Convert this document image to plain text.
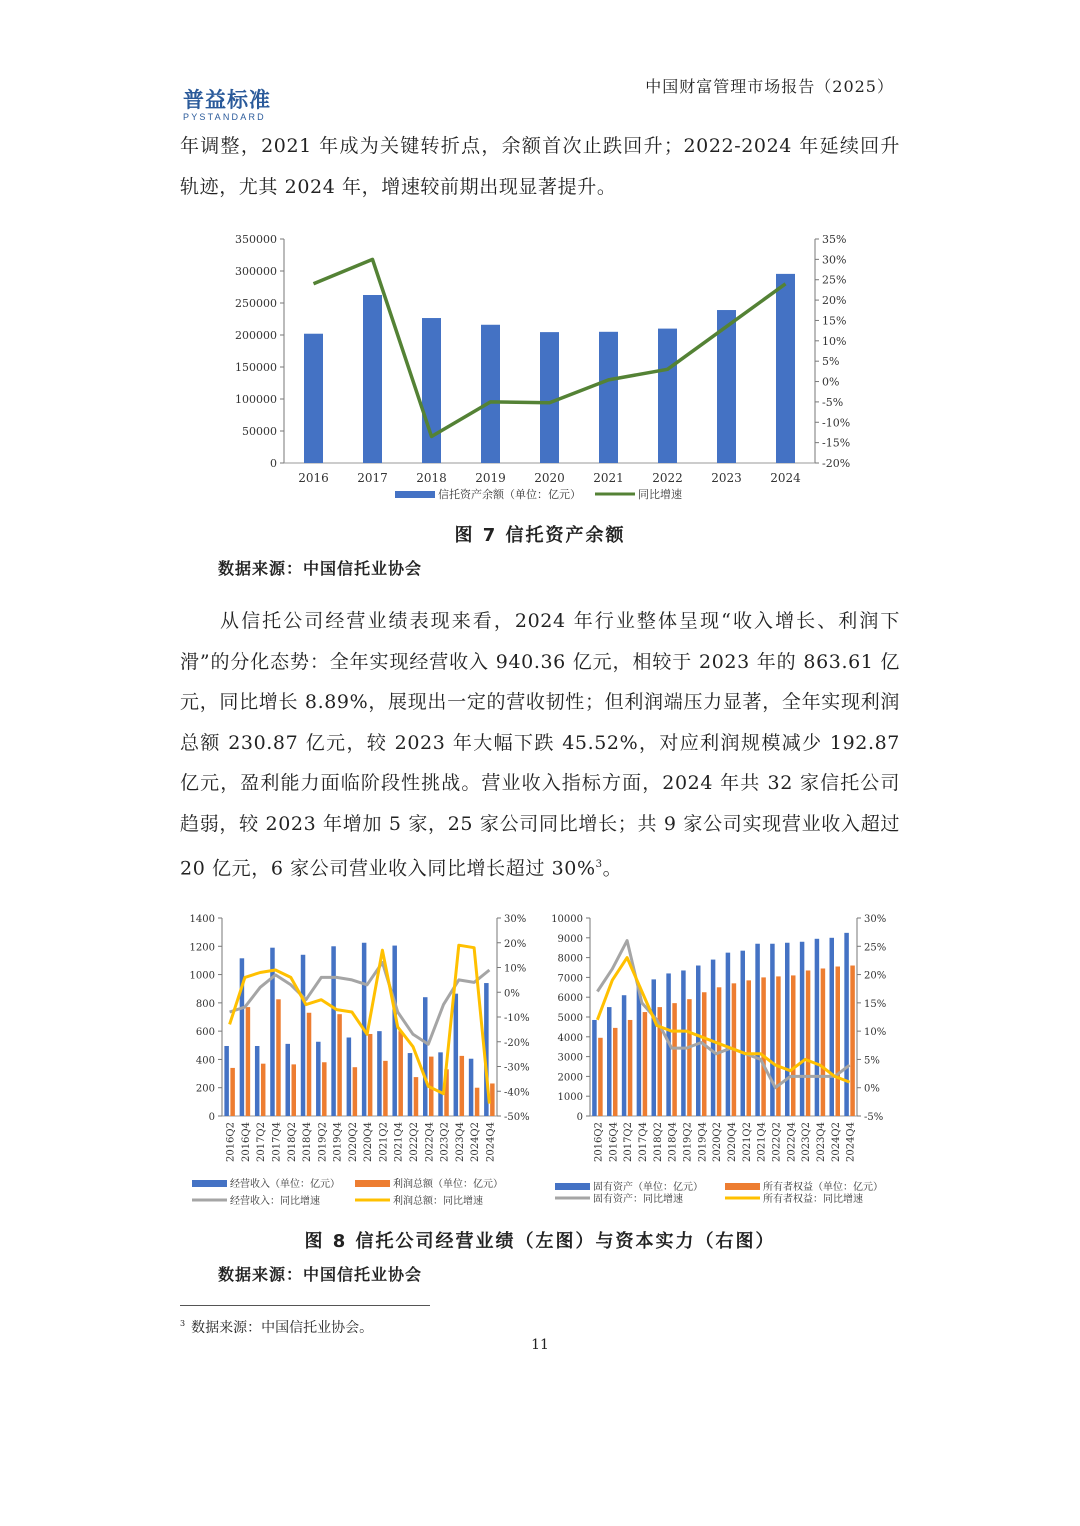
普益标准
PYSTANDARD
中国财富管理市场报告（2025）

年调整，2021 年成为关键转折点，余额首次止跌回升；2022-2024 年延续回升轨迹，尤其 2024 年，增速较前期出现显著提升。

0
50000
100000
150000
200000
250000
300000
350000
-20%
-15%
-10%
-5%
0%
5%
10%
15%
20%
25%
30%
35%
2016 2017 2018 2019 2020 2021 2022 2023 2024
信托资产余额（单位：亿元）	同比增速
图 7 信托资产余额
数据来源：中国信托业协会

从信托公司经营业绩表现来看，2024 年行业整体呈现“收入增长、利润下滑”的分化态势：全年实现经营收入 940.36 亿元，相较于 2023 年的 863.61 亿元，同比增长 8.89%，展现出一定的营收韧性；但利润端压力显著，全年实现利润总额 230.87 亿元，较 2023 年大幅下跌 45.52%，对应利润规模减少 192.87 亿元，盈利能力面临阶段性挑战。营业收入指标方面，2024 年共 32 家信托公司趋弱，较 2023 年增加 5 家，25 家公司同比增长；共 9 家公司实现营业收入超过 20 亿元，6 家公司营业收入同比增长超过 30%$^3$。

0
200
400
600
800
1000
1200
1400
-50%
-40%
-30%
-20%
-10%
0%
10%
20%
30%
2016Q2 2016Q4 2017Q2 2017Q4 2018Q2 2018Q4 2019Q2 2019Q4 2020Q2 2020Q4 2021Q2 2021Q4 2022Q2 2022Q4 2023Q2 2023Q4 2024Q2 2024Q4
经营收入（单位：亿元）	利润总额（单位：亿元）
经营收入：同比增速	利润总额：同比增速
0
1000
2000
3000
4000
5000
6000
7000
8000
9000
10000
-5%
0%
5%
10%
15%
20%
25%
30%
2016Q2 2016Q4 2017Q2 2017Q4 2018Q2 2018Q4 2019Q2 2019Q4 2020Q2 2020Q4 2021Q2 2021Q4 2022Q2 2022Q4 2023Q2 2023Q4 2024Q2 2024Q4
固有资产（单位：亿元）	所有者权益（单位：亿元）
固有资产：同比增速	所有者权益：同比增速
图 8 信托公司经营业绩（左图）与资本实力（右图）
数据来源：中国信托业协会
$^3$ 数据来源：中国信托业协会。
11
